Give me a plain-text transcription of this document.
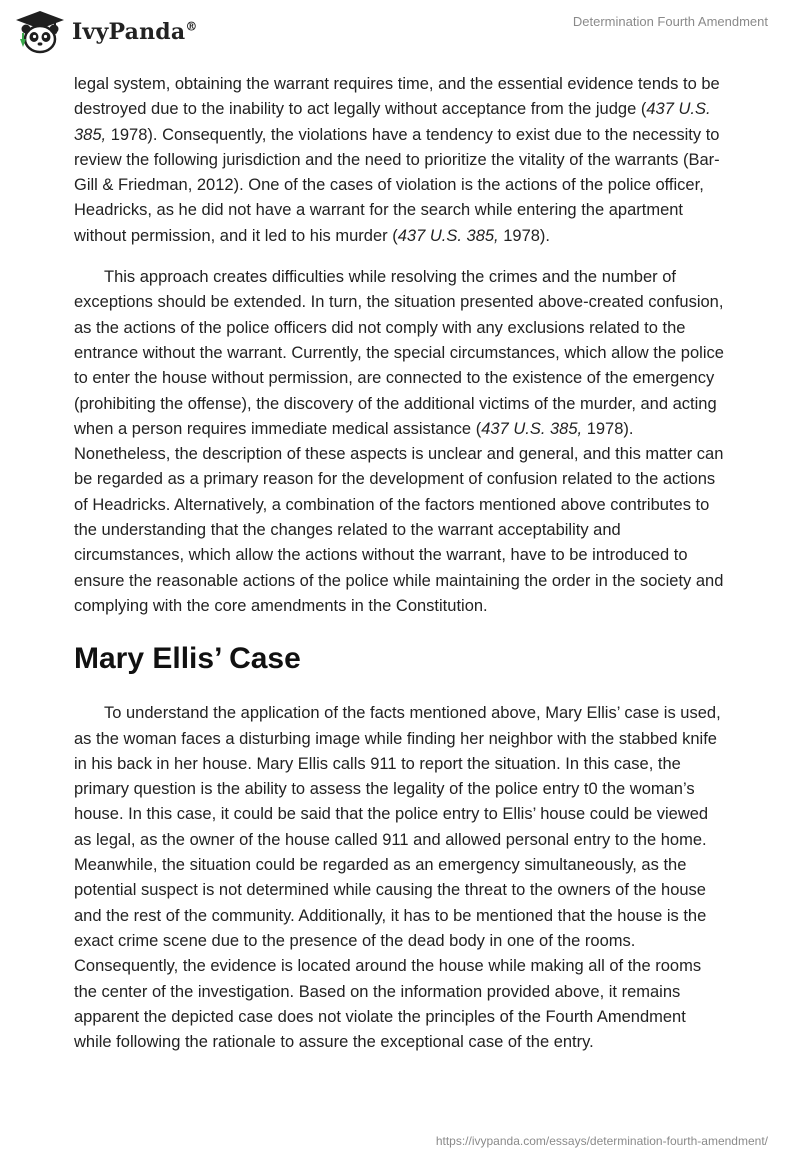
IvyPanda®	Determination Fourth Amendment

legal system, obtaining the warrant requires time, and the essential evidence tends to be destroyed due to the inability to act legally without acceptance from the judge (437 U.S. 385, 1978). Consequently, the violations have a tendency to exist due to the necessity to review the following jurisdiction and the need to prioritize the vitality of the warrants (Bar-Gill & Friedman, 2012). One of the cases of violation is the actions of the police officer, Headricks, as he did not have a warrant for the search while entering the apartment without permission, and it led to his murder (437 U.S. 385, 1978).

This approach creates difficulties while resolving the crimes and the number of exceptions should be extended. In turn, the situation presented above-created confusion, as the actions of the police officers did not comply with any exclusions related to the entrance without the warrant. Currently, the special circumstances, which allow the police to enter the house without permission, are connected to the existence of the emergency (prohibiting the offense), the discovery of the additional victims of the murder, and acting when a person requires immediate medical assistance (437 U.S. 385, 1978). Nonetheless, the description of these aspects is unclear and general, and this matter can be regarded as a primary reason for the development of confusion related to the actions of Headricks. Alternatively, a combination of the factors mentioned above contributes to the understanding that the changes related to the warrant acceptability and circumstances, which allow the actions without the warrant, have to be introduced to ensure the reasonable actions of the police while maintaining the order in the society and complying with the core amendments in the Constitution.

Mary Ellis’ Case

To understand the application of the facts mentioned above, Mary Ellis’ case is used, as the woman faces a disturbing image while finding her neighbor with the stabbed knife in his back in her house. Mary Ellis calls 911 to report the situation. In this case, the primary question is the ability to assess the legality of the police entry t0 the woman’s house. In this case, it could be said that the police entry to Ellis’ house could be viewed as legal, as the owner of the house called 911 and allowed personal entry to the home. Meanwhile, the situation could be regarded as an emergency simultaneously, as the potential suspect is not determined while causing the threat to the owners of the house and the rest of the community. Additionally, it has to be mentioned that the house is the exact crime scene due to the presence of the dead body in one of the rooms. Consequently, the evidence is located around the house while making all of the rooms the center of the investigation. Based on the information provided above, it remains apparent the depicted case does not violate the principles of the Fourth Amendment while following the rationale to assure the exceptional case of the entry.

https://ivypanda.com/essays/determination-fourth-amendment/
